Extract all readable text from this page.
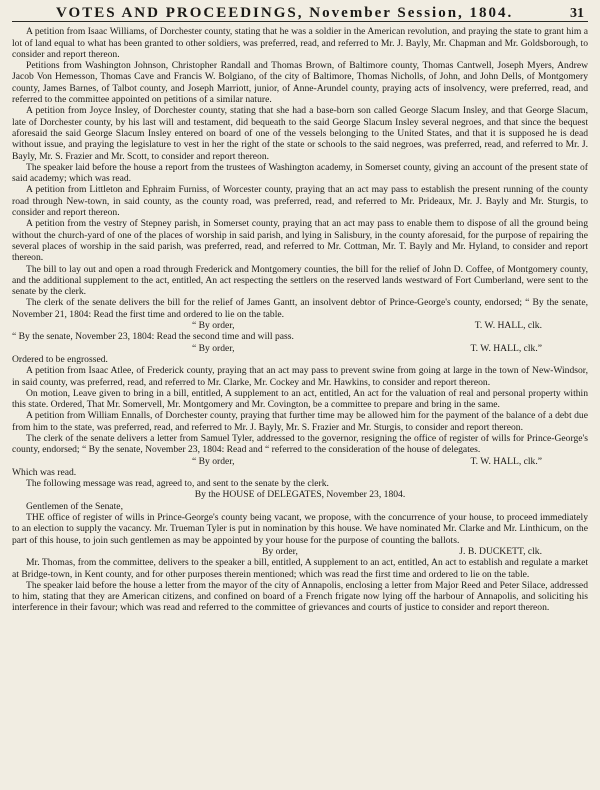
VOTES AND PROCEEDINGS, November Session, 1804.	31

A petition from Isaac Williams, of Dorchester county, stating that he was a soldier in the American revolution, and praying the state to grant him a lot of land equal to what has been granted to other soldiers, was preferred, read, and referred to Mr. J. Bayly, Mr. Chapman and Mr. Goldsborough, to consider and report thereon.

Petitions from Washington Johnson, Christopher Randall and Thomas Brown, of Baltimore county, Thomas Cantwell, Joseph Myers, Andrew Jacob Von Hemesson, Thomas Cave and Francis W. Bolgiano, of the city of Baltimore, Thomas Nicholls, of John, and John Dells, of Montgomery county, James Barnes, of Talbot county, and Joseph Marriott, junior, of Anne-Arundel county, praying acts of insolvency, were preferred, read, and referred to the committee appointed on petitions of a similar nature.

A petition from Joyce Insley, of Dorchester county, stating that she had a base-born son called George Slacum Insley, and that George Slacum, late of Dorchester county, by his last will and testament, did bequeath to the said George Slacum Insley several negroes, and that since the bequest aforesaid the said George Slacum Insley entered on board of one of the vessels belonging to the United States, and that it is supposed he is dead without issue, and praying the legislature to vest in her the right of the state or schools to the said negroes, was preferred, read, and referred to Mr. J. Bayly, Mr. S. Frazier and Mr. Scott, to consider and report thereon.

The speaker laid before the house a report from the trustees of Washington academy, in Somerset county, giving an account of the present state of said academy; which was read.

A petition from Littleton and Ephraim Furniss, of Worcester county, praying that an act may pass to establish the present running of the county road through New-town, in said county, as the county road, was preferred, read, and referred to Mr. Prideaux, Mr. J. Bayly and Mr. Sturgis, to consider and report thereon.

A petition from the vestry of Stepney parish, in Somerset county, praying that an act may pass to enable them to dispose of all the ground being without the church-yard of one of the places of worship in said parish, and lying in Salisbury, in the county aforesaid, for the purpose of repairing the several places of worship in the said parish, was preferred, read, and referred to Mr. Cottman, Mr. T. Bayly and Mr. Hyland, to consider and report thereon.

The bill to lay out and open a road through Frederick and Montgomery counties, the bill for the relief of John D. Coffee, of Montgomery county, and the additional supplement to the act, entitled, An act respecting the settlers on the reserved lands westward of Fort Cumberland, were sent to the senate by the clerk.

The clerk of the senate delivers the bill for the relief of James Gantt, an insolvent debtor of Prince-George's county, endorsed; “ By the senate, November 21, 1804: Read the first time and ordered to lie on the table.

“ By order,	T. W. HALL, clk.

“ By the senate, November 23, 1804: Read the second time and will pass.

“ By order,	T. W. HALL, clk.”

Ordered to be engrossed.

A petition from Isaac Atlee, of Frederick county, praying that an act may pass to prevent swine from going at large in the town of New-Windsor, in said county, was preferred, read, and referred to Mr. Clarke, Mr. Cockey and Mr. Hawkins, to consider and report thereon.

On motion, Leave given to bring in a bill, entitled, A supplement to an act, entitled, An act for the valuation of real and personal property within this state. Ordered, That Mr. Somervell, Mr. Montgomery and Mr. Covington, be a committee to prepare and bring in the same.

A petition from William Ennalls, of Dorchester county, praying that further time may be allowed him for the payment of the balance of a debt due from him to the state, was preferred, read, and referred to Mr. J. Bayly, Mr. S. Frazier and Mr. Sturgis, to consider and report thereon.

The clerk of the senate delivers a letter from Samuel Tyler, addressed to the governor, resigning the office of register of wills for Prince-George's county, endorsed; “ By the senate, November 23, 1804: Read and “ referred to the consideration of the house of delegates.

“ By order,	T. W. HALL, clk.”

Which was read.

The following message was read, agreed to, and sent to the senate by the clerk.

By the HOUSE of DELEGATES, November 23, 1804.

Gentlemen of the Senate,

THE office of register of wills in Prince-George's county being vacant, we propose, with the concurrence of your house, to proceed immediately to an election to supply the vacancy. Mr. Trueman Tyler is put in nomination by this house. We have nominated Mr. Clarke and Mr. Linthicum, on the part of this house, to join such gentlemen as may be appointed by your house for the purpose of counting the ballots.

By order,	J. B. DUCKETT, clk.

Mr. Thomas, from the committee, delivers to the speaker a bill, entitled, A supplement to an act, entitled, An act to establish and regulate a market at Bridge-town, in Kent county, and for other purposes therein mentioned; which was read the first time and ordered to lie on the table.

The speaker laid before the house a letter from the mayor of the city of Annapolis, enclosing a letter from Major Reed and Peter Silace, addressed to him, stating that they are American citizens, and confined on board of a French frigate now lying off the harbour of Annapolis, and soliciting his interference in their favour; which was read and referred to the committee of grievances and courts of justice to consider and report thereon.
